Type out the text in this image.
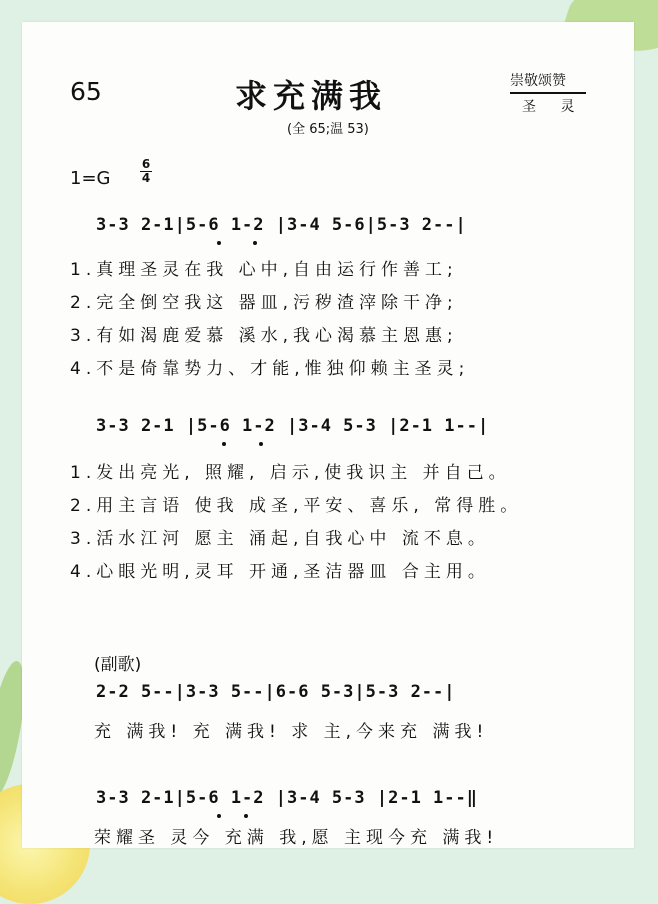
65	求充满我
(全 65;温 53)
崇敬颂赞
圣 灵
1=G
6
4
3-3 2-1|5-6 1-2 |3-4 5-6|5-3 2--|
1.真理圣灵在我 心中,自由运行作善工;
2.完全倒空我这 器皿,污秽渣滓除干净;
3.有如渴鹿爱慕 溪水,我心渴慕主恩惠;
4.不是倚靠势力、才能,惟独仰赖主圣灵;
3-3 2-1 |5-6 1-2 |3-4 5-3 |2-1 1--|
1.发出亮光, 照耀, 启示,使我识主 并自己。
2.用主言语 使我 成圣,平安、喜乐, 常得胜。
3.活水江河 愿主 涌起,自我心中 流不息。
4.心眼光明,灵耳 开通,圣洁器皿 合主用。
(副歌)
2-2 5--|3-3 5--|6-6 5-3|5-3 2--|
充 满我! 充 满我! 求 主,今来充 满我!
3-3 2-1|5-6 1-2 |3-4 5-3 |2-1 1--‖
荣耀圣 灵今 充满 我,愿 主现今充 满我!
